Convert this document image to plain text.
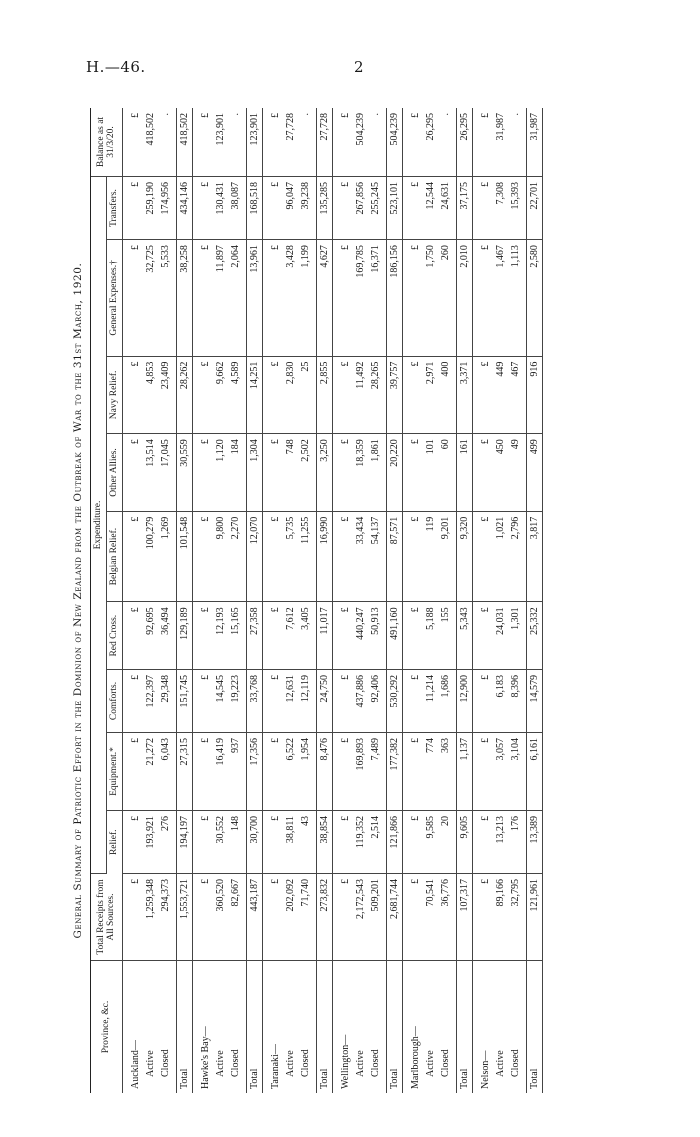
H.—46.	2
General Summary of Patriotic Effort in the Dominion of New Zealand from the Outbreak of War to the 31st March, 1920.
Province, &c.	Total Receipts from All Sources.	Expenditure.									Balance as at 31/3/20.
		Relief.	Equipment.*	Comforts.	Red Cross.	Belgian Relief.	Other Allies.	Navy Relief.	General Expenses.†	Transfers.	
Auckland—	£	£	£	£	£	£	£	£	£	£	£
Active	1,259,348	193,921	21,272	122,397	92,695	100,279	13,514	4,853	32,725	259,190	418,502
Closed	294,373	276	6,043	29,348	36,494	1,269	17,045	23,409	5,533	174,956	.
Total	1,553,721	194,197	27,315	151,745	129,189	101,548	30,559	28,262	38,258	434,146	418,502
Hawke's Bay—	£	£	£	£	£	£	£	£	£	£	£
Active	360,520	30,552	16,419	14,545	12,193	9,800	1,120	9,662	11,897	130,431	123,901
Closed	82,667	148	937	19,223	15,165	2,270	184	4,589	2,064	38,087	.
Total	443,187	30,700	17,356	33,768	27,358	12,070	1,304	14,251	13,961	168,518	123,901
Taranaki—	£	£	£	£	£	£	£	£	£	£	£
Active	202,092	38,811	6,522	12,631	7,612	5,735	748	2,830	3,428	96,047	27,728
Closed	71,740	43	1,954	12,119	3,405	11,255	2,502	25	1,199	39,238	.
Total	273,832	38,854	8,476	24,750	11,017	16,990	3,250	2,855	4,627	135,285	27,728
Wellington—	£	£	£	£	£	£	£	£	£	£	£
Active	2,172,543	119,352	169,893	437,886	440,247	33,434	18,359	11,492	169,785	267,856	504,239
Closed	509,201	2,514	7,489	92,406	50,913	54,137	1,861	28,265	16,371	255,245	.
Total	2,681,744	121,866	177,382	530,292	491,160	87,571	20,220	39,757	186,156	523,101	504,239
Marlborough—	£	£	£	£	£	£	£	£	£	£	£
Active	70,541	9,585	774	11,214	5,188	119	101	2,971	1,750	12,544	26,295
Closed	36,776	20	363	1,686	155	9,201	60	400	260	24,631	.
Total	107,317	9,605	1,137	12,900	5,343	9,320	161	3,371	2,010	37,175	26,295
Nelson—	£	£	£	£	£	£	£	£	£	£	£
Active	89,166	13,213	3,057	6,183	24,031	1,021	450	449	1,467	7,308	31,987
Closed	32,795	176	3,104	8,396	1,301	2,796	49	467	1,113	15,393	.
Total	121,961	13,389	6,161	14,579	25,332	3,817	499	916	2,580	22,701	31,987
